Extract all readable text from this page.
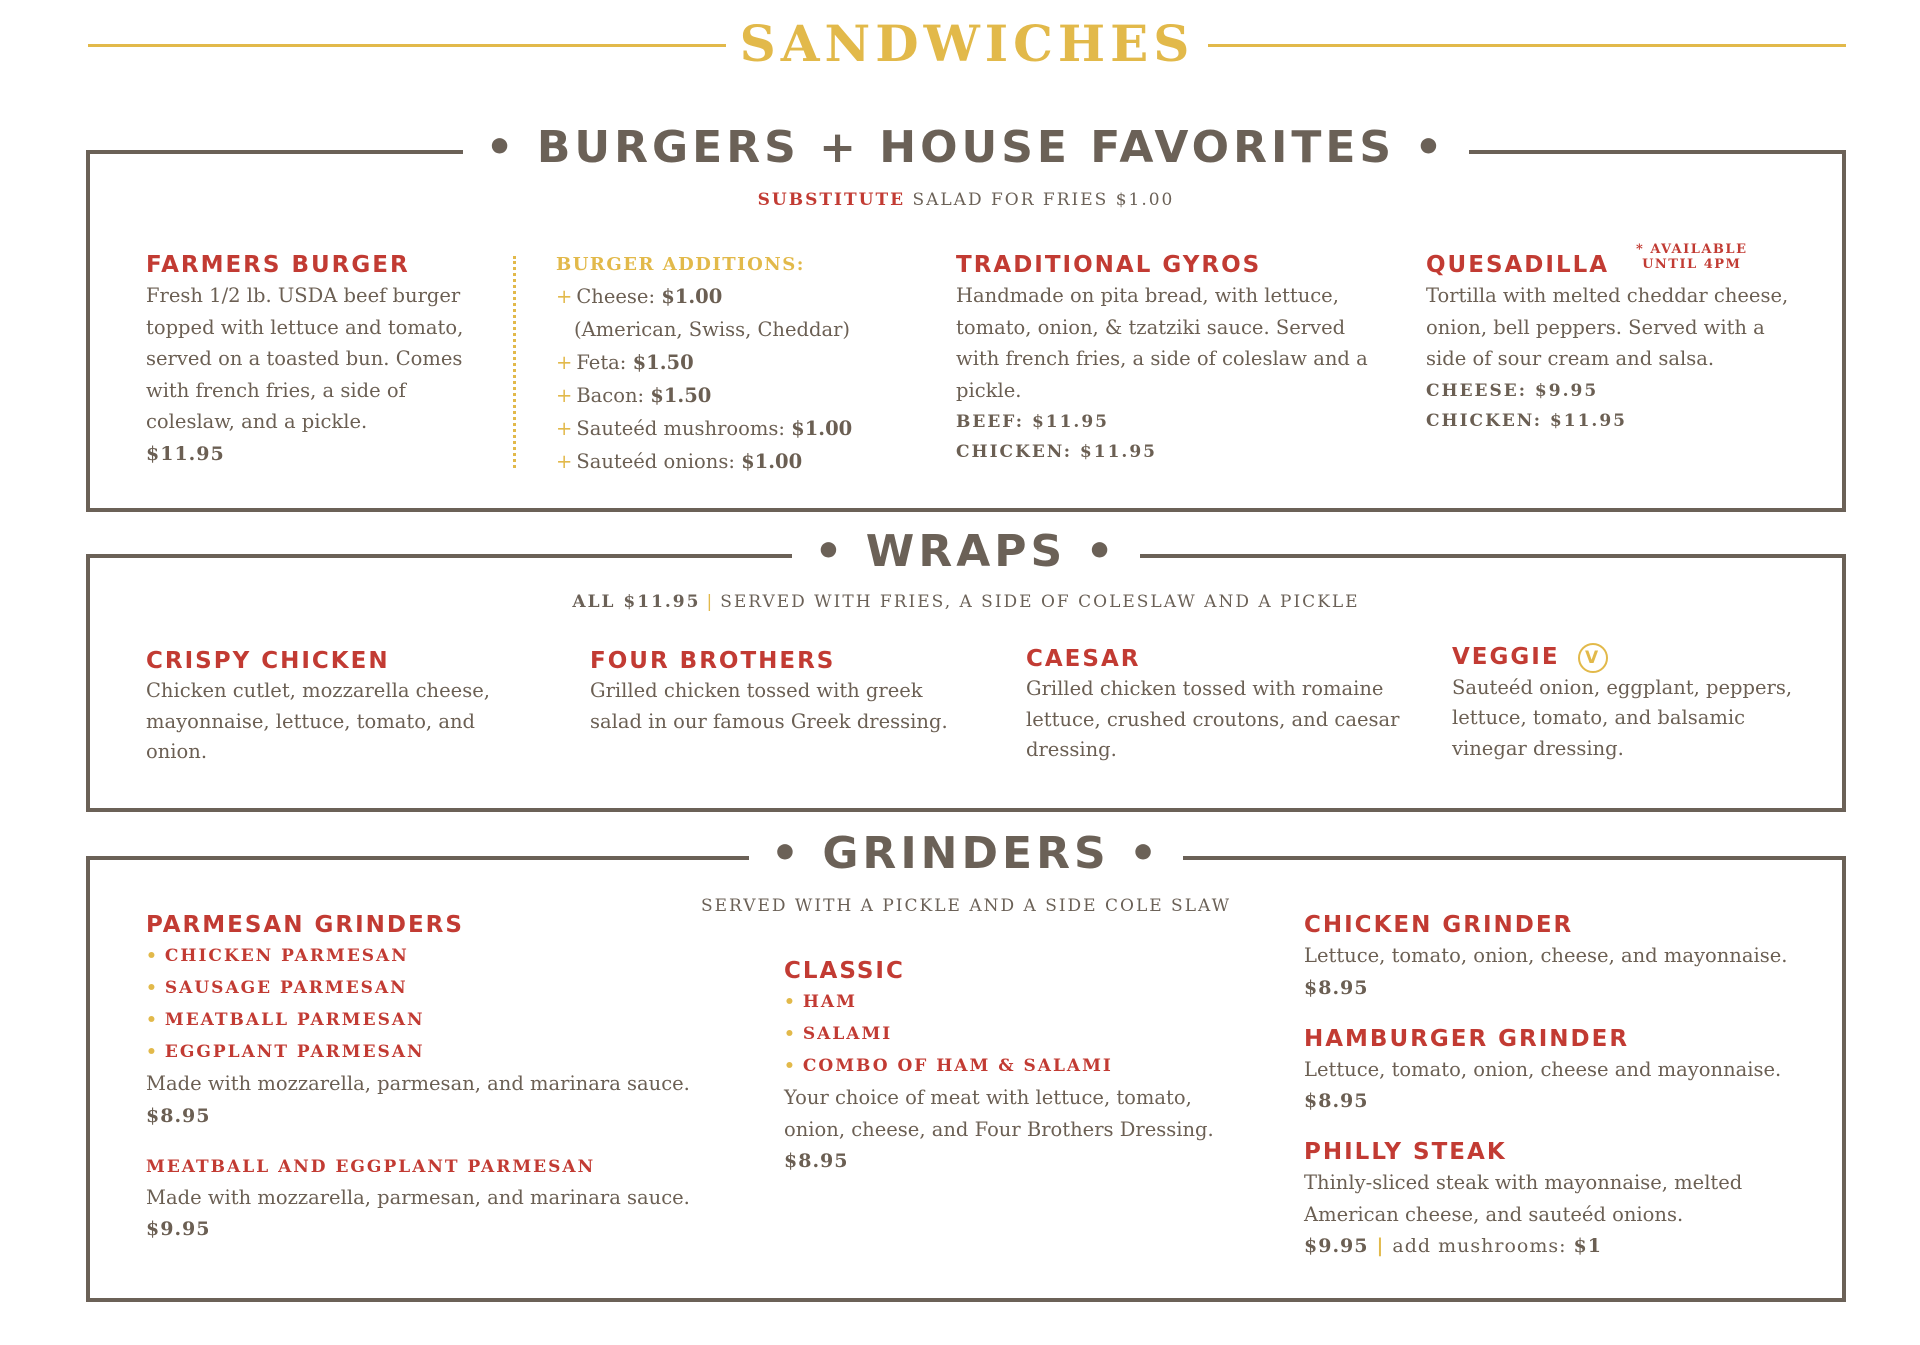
SANDWICHES
• BURGERS + HOUSE FAVORITES •
SUBSTITUTE SALAD FOR FRIES $1.00
FARMERS BURGER

Fresh 1/2 lb. USDA beef burger topped with lettuce and tomato, served on a toasted bun. Comes with french fries, a side of coleslaw, and a pickle.

$11.95
BURGER ADDITIONS:
+ Cheese: $1.00
(American, Swiss, Cheddar)
+ Feta: $1.50
+ Bacon: $1.50
+ Sauteéd mushrooms: $1.00
+ Sauteéd onions: $1.00
TRADITIONAL GYROS

Handmade on pita bread, with lettuce, tomato, onion, & tzatziki sauce. Served with french fries, a side of coleslaw and a pickle.

BEEF: $11.95
CHICKEN: $11.95
QUESADILLA
* AVAILABLE
UNTIL 4PM

Tortilla with melted cheddar cheese, onion, bell peppers. Served with a side of sour cream and salsa.

CHEESE: $9.95
CHICKEN: $11.95
• WRAPS •
ALL $11.95 | SERVED WITH FRIES, A SIDE OF COLESLAW AND A PICKLE
CRISPY CHICKEN

Chicken cutlet, mozzarella cheese, mayonnaise, lettuce, tomato, and onion.

FOUR BROTHERS

Grilled chicken tossed with greek salad in our famous Greek dressing.

CAESAR

Grilled chicken tossed with romaine lettuce, crushed croutons, and caesar dressing.

VEGGIE V

Sauteéd onion, eggplant, peppers, lettuce, tomato, and balsamic vinegar dressing.

• GRINDERS •
SERVED WITH A PICKLE AND A SIDE COLE SLAW
PARMESAN GRINDERS
• CHICKEN PARMESAN
• SAUSAGE PARMESAN
• MEATBALL PARMESAN
• EGGPLANT PARMESAN

Made with mozzarella, parmesan, and marinara sauce.

$8.95
MEATBALL AND EGGPLANT PARMESAN

Made with mozzarella, parmesan, and marinara sauce.

$9.95
CLASSIC
• HAM
• SALAMI
• COMBO OF HAM & SALAMI

Your choice of meat with lettuce, tomato, onion, cheese, and Four Brothers Dressing.

$8.95
CHICKEN GRINDER

Lettuce, tomato, onion, cheese, and mayonnaise.

$8.95
HAMBURGER GRINDER

Lettuce, tomato, onion, cheese and mayonnaise.

$8.95
PHILLY STEAK

Thinly-sliced steak with mayonnaise, melted American cheese, and sauteéd onions.

$9.95 | add mushrooms: $1
